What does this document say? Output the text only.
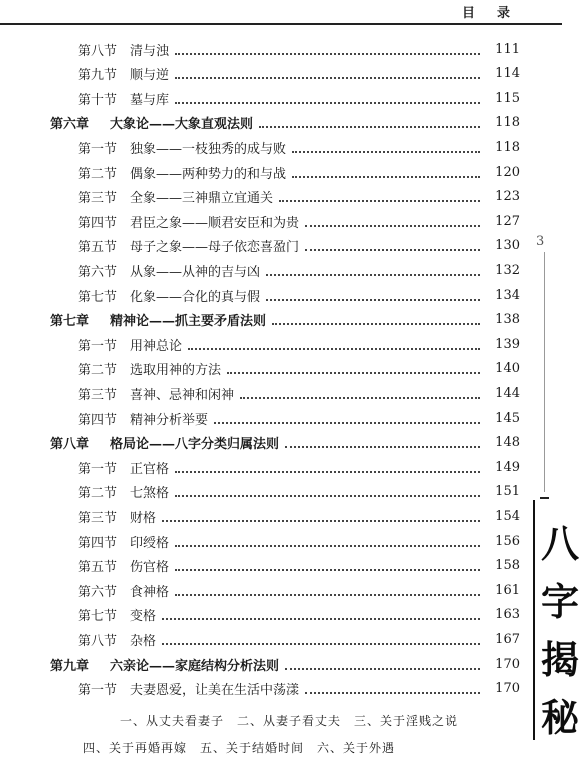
目录
第八节 清与浊	111
第九节 顺与逆	114
第十节 墓与库	115
第六章	大象论——大象直观法则	118
第一节 独象——一枝独秀的成与败	118
第二节 偶象——两种势力的和与战	120
第三节 全象——三神鼎立宜通关	123
第四节 君臣之象——顺君安臣和为贵	127
第五节 母子之象——母子依恋喜盈门	130
第六节 从象——从神的吉与凶	132
第七节 化象——合化的真与假	134
第七章	精神论——抓主要矛盾法则	138
第一节 用神总论	139
第二节 选取用神的方法	140
第三节 喜神、忌神和闲神	144
第四节 精神分析举要	145
第八章	格局论——八字分类归属法则	148
第一节 正官格	149
第二节 七煞格	151
第三节 财格	154
第四节 印绶格	156
第五节 伤官格	158
第六节 食神格	161
第七节 变格	163
第八节 杂格	167
第九章	六亲论——家庭结构分析法则	170
第一节 夫妻恩爱，让美在生活中荡漾	170
一、从丈夫看妻子　二、从妻子看丈夫　三、关于淫贱之说
四、关于再婚再嫁　五、关于结婚时间　六、关于外遇
3
八
字
揭
秘
